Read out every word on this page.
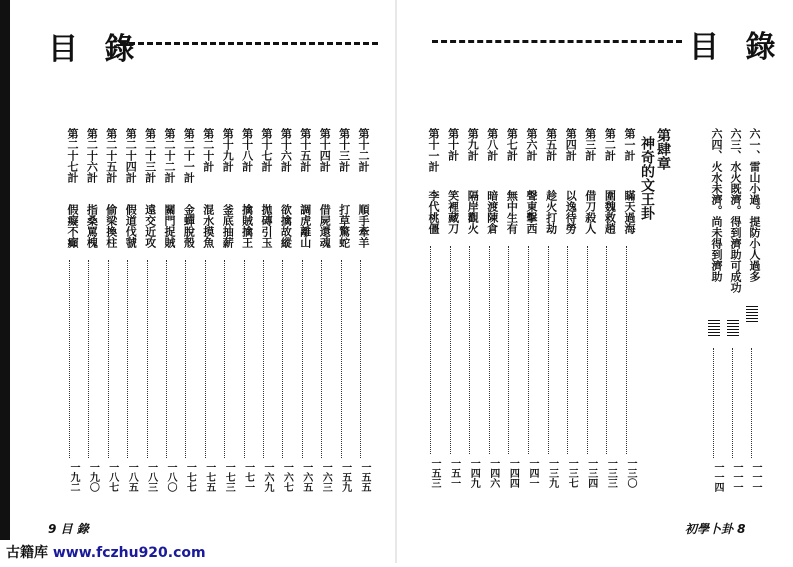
目 錄
第十二計
順手牽羊
一五五
第十三計
打草驚蛇
一五九
第十四計
借屍還魂
一六三
第十五計
調虎離山
一六五
第十六計
欲擒故縱
一六七
第十七計
拋磚引玉
一六九
第十八計
擒賊擒王
一七一
第十九計
釜底抽薪
一七三
第二十計
混水摸魚
一七五
第二十一計
金蟬脫殼
一七七
第二十二計
關門捉賊
一八〇
第二十三計
遠交近攻
一八三
第二十四計
假道伐虢
一八五
第二十五計
偷梁換柱
一八七
第二十六計
指桑罵槐
一九〇
第二十七計
假癡不癲
一九二
9 目 錄
目 錄
六一、雷山小過。提防小人過多
一一一
六三、水火既濟。得到濟助可成功
一一一
六四、火水未濟。尚未得到濟助
一一四
第肆章
神奇的文王卦
第一計
瞞天過海
一三〇
第二計
圍魏救趙
一三三
第三計
借刀殺人
一三四
第四計
以逸待勞
一三七
第五計
趁火打劫
一三九
第六計
聲東擊西
一四一
第七計
無中生有
一四四
第八計
暗渡陳倉
一四六
第九計
隔岸觀火
一四九
第十計
笑裡藏刀
一五一
第十一計
李代桃僵
一五三
初學卜卦 8
古籍库 www.fczhu920.com
